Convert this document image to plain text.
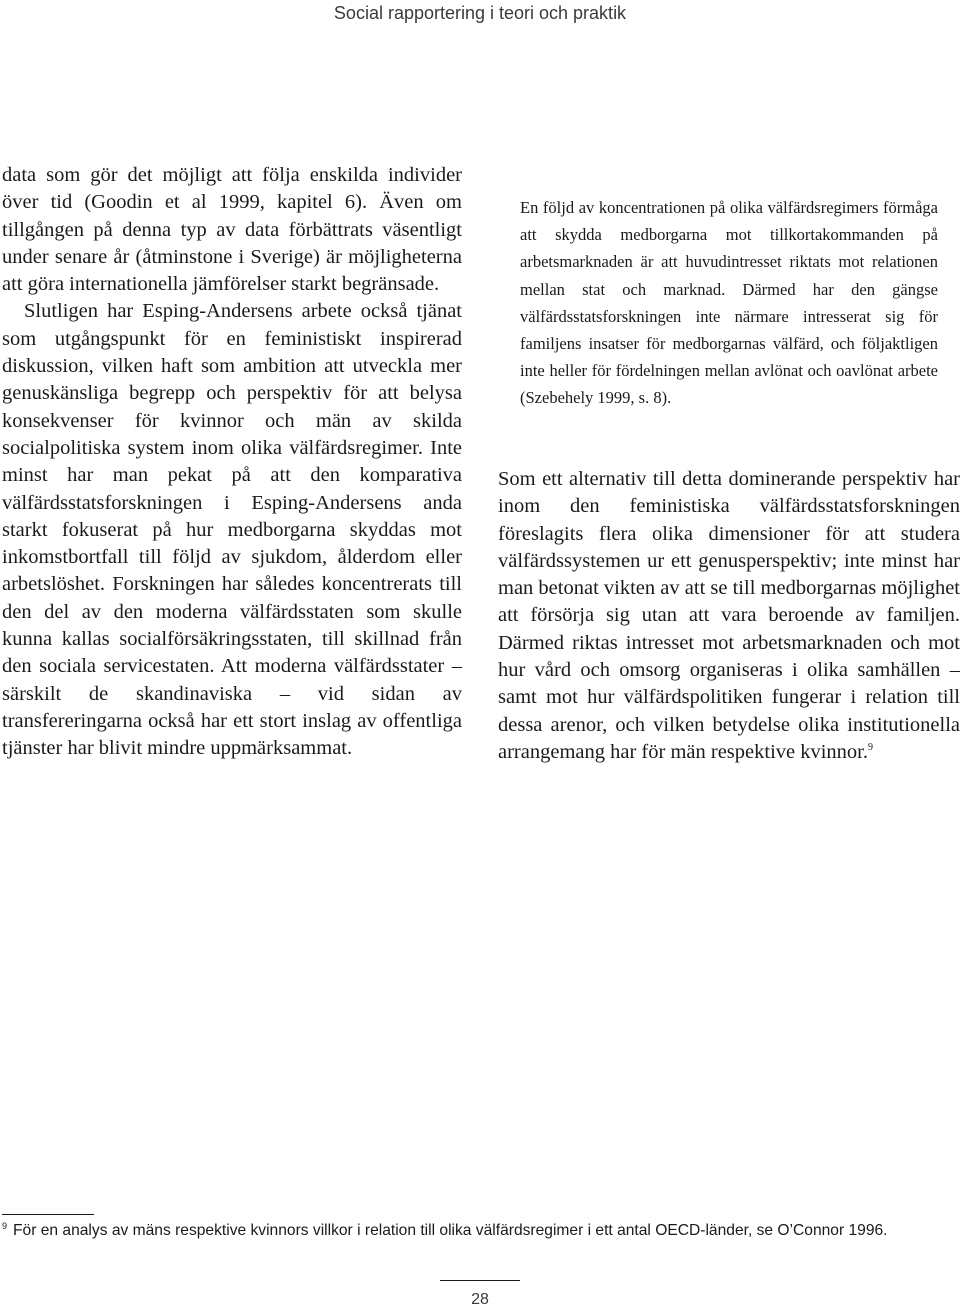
Social rapportering i teori och praktik

data som gör det möjligt att följa enskilda individer över tid (Goodin et al 1999, kapitel 6). Även om tillgången på denna typ av data förbättrats väsentligt under senare år (åtminstone i Sverige) är möjligheterna att göra internationella jämförelser starkt begränsade.

Slutligen har Esping-Andersens arbete också tjänat som utgångspunkt för en feministiskt inspirerad diskussion, vilken haft som ambition att utveckla mer genuskänsliga begrepp och perspektiv för att belysa konsekvenser för kvinnor och män av skilda socialpolitiska system inom olika välfärdsregimer. Inte minst har man pekat på att den komparativa välfärdsstatsforskningen i Esping-Andersens anda starkt fokuserat på hur medborgarna skyddas mot inkomstbortfall till följd av sjukdom, ålderdom eller arbetslöshet. Forskningen har således koncentrerats till den del av den moderna välfärdsstaten som skulle kunna kallas socialförsäkringsstaten, till skillnad från den sociala servicestaten. Att moderna välfärdsstater – särskilt de skandinaviska – vid sidan av transfereringarna också har ett stort inslag av offentliga tjänster har blivit mindre uppmärksammat.

En följd av koncentrationen på olika välfärdsregimers förmåga att skydda medborgarna mot tillkortakommanden på arbetsmarknaden är att huvudintresset riktats mot relationen mellan stat och marknad. Därmed har den gängse välfärdsstatsforskningen inte närmare intresserat sig för familjens insatser för medborgarnas välfärd, och följaktligen inte heller för fördelningen mellan avlönat och oavlönat arbete (Szebehely 1999, s. 8).

Som ett alternativ till detta dominerande perspektiv har inom den feministiska välfärdsstatsforskningen föreslagits flera olika dimensioner för att studera välfärdssystemen ur ett genusperspektiv; inte minst har man betonat vikten av att se till medborgarnas möjlighet att försörja sig utan att vara beroende av familjen. Därmed riktas intresset mot arbetsmarknaden och mot hur vård och omsorg organiseras i olika samhällen – samt mot hur välfärdspolitiken fungerar i relation till dessa arenor, och vilken betydelse olika institutionella arrangemang har för män respektive kvinnor.$^9$

$^9$ För en analys av mäns respektive kvinnors villkor i relation till olika välfärdsregimer i ett antal OECD-länder, se O’Connor 1996.
28
